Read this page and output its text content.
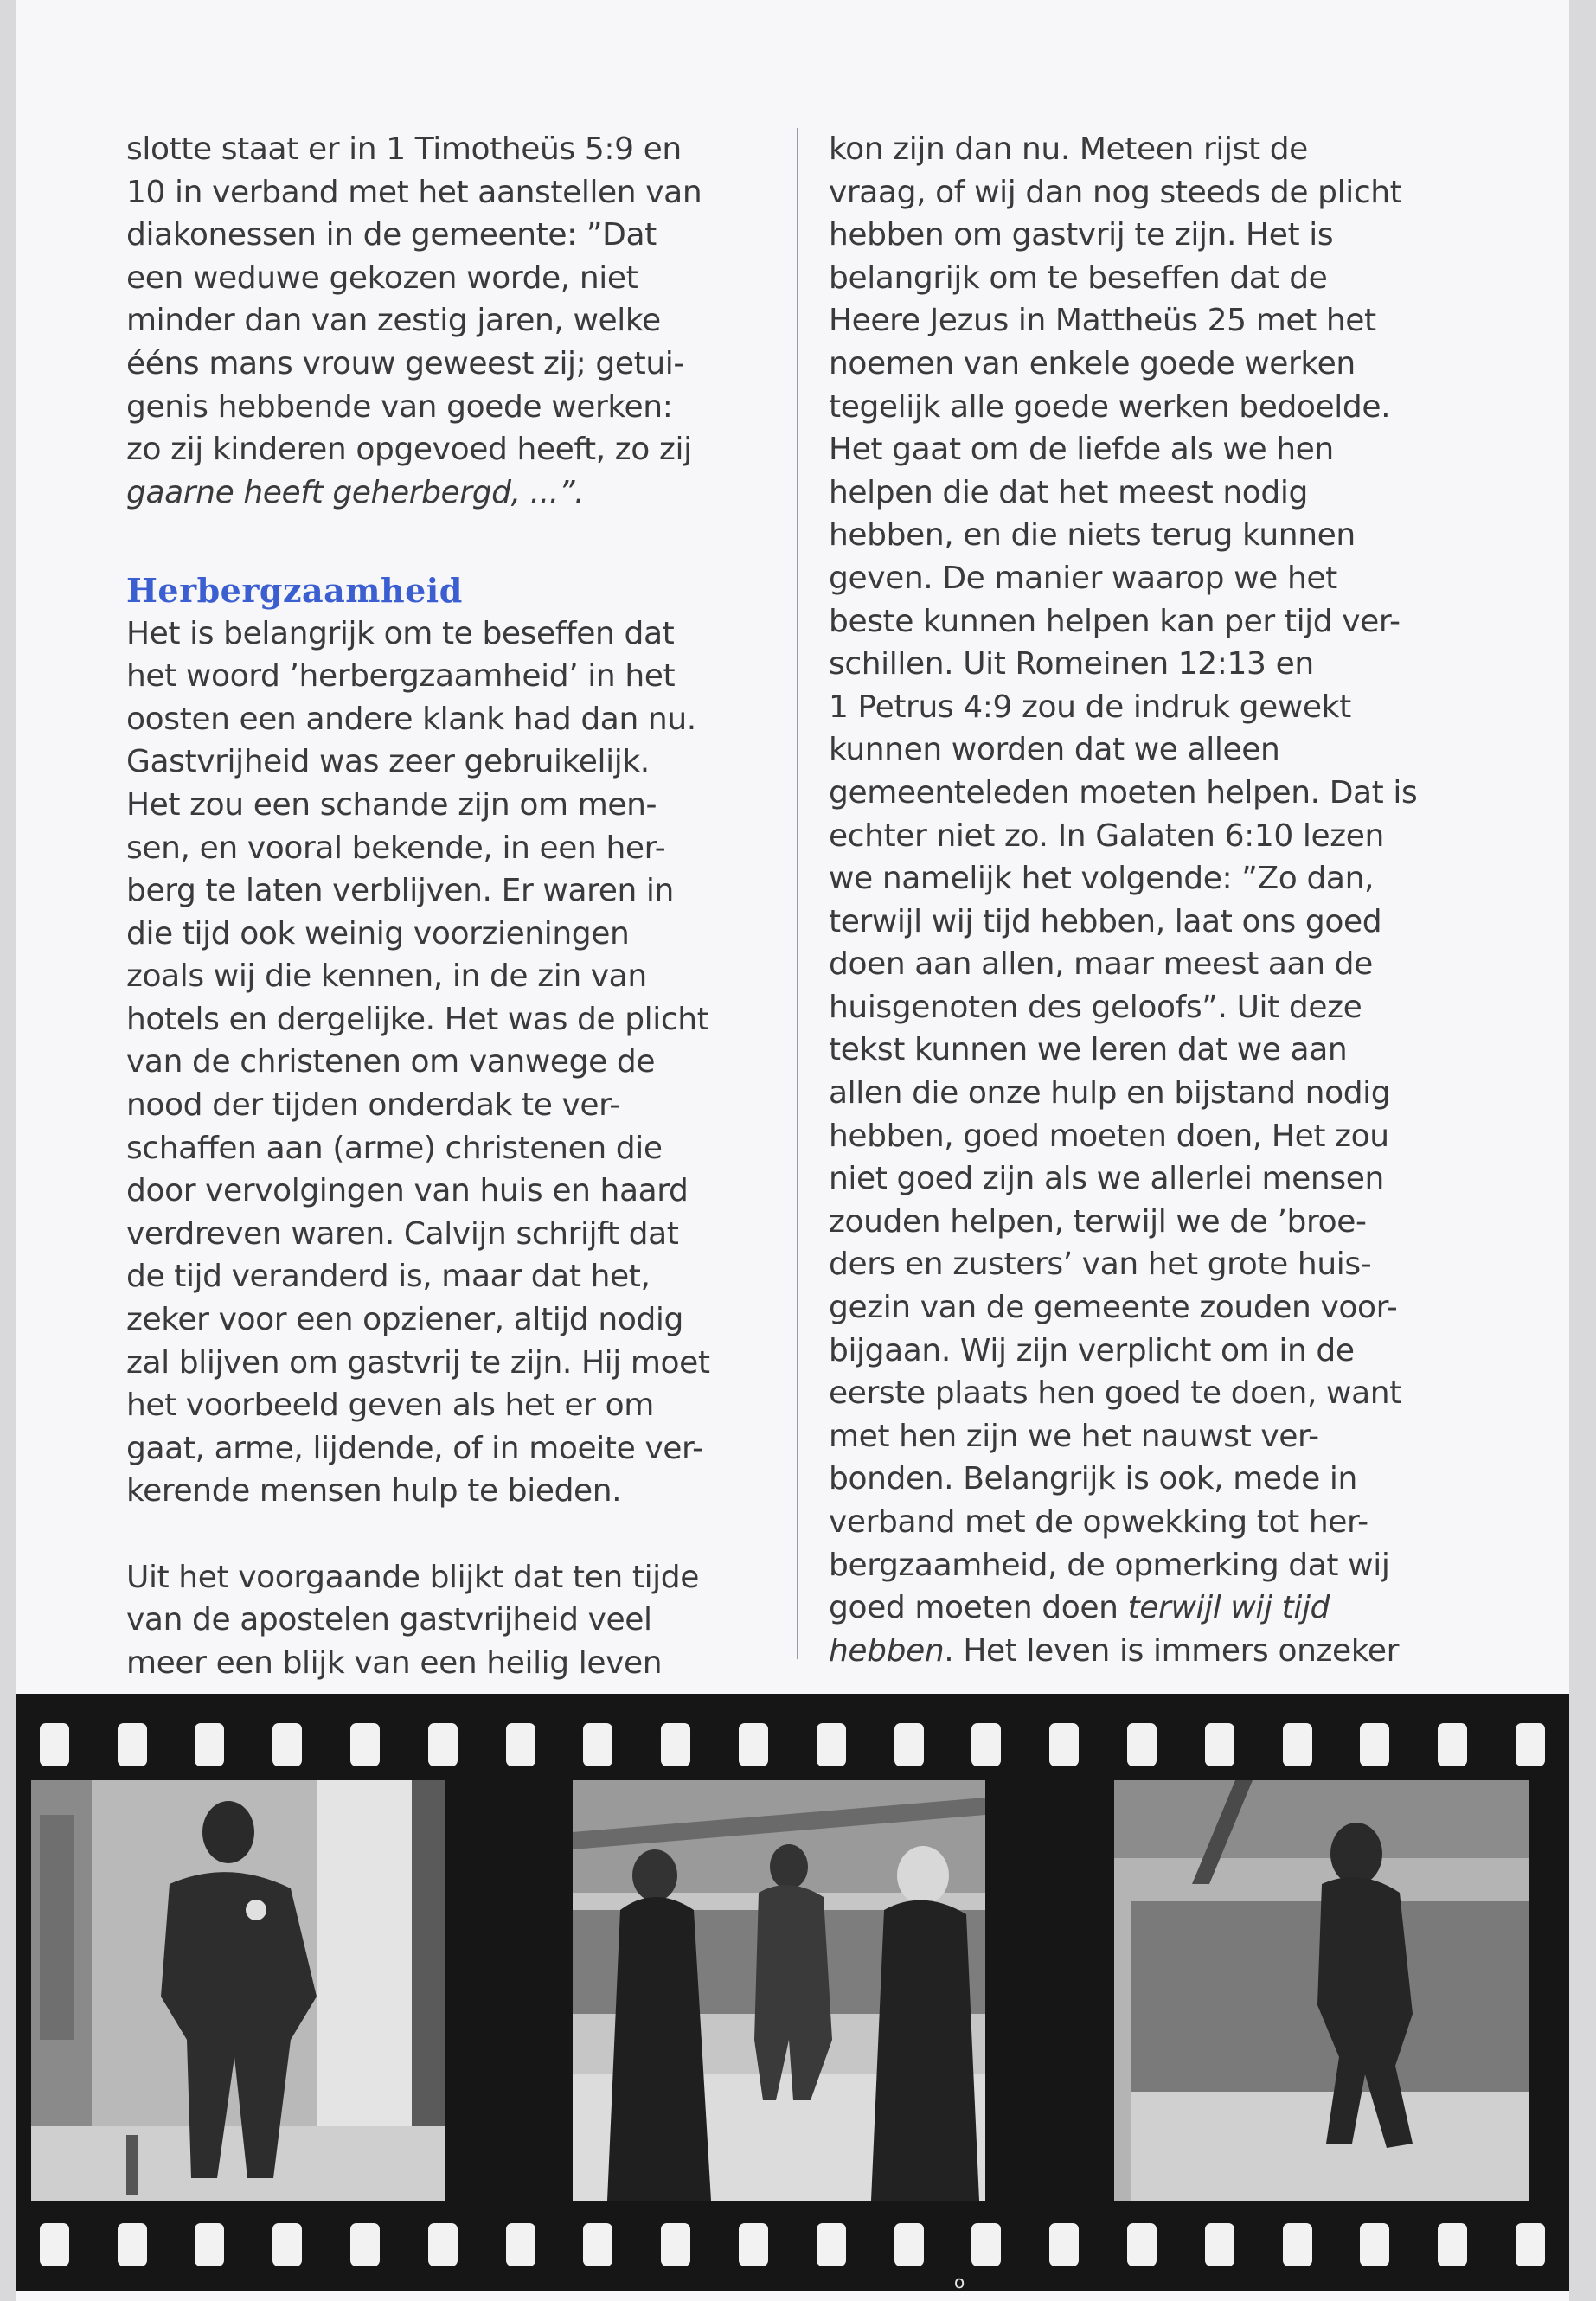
slotte staat er in 1 Timotheüs 5:9 en

10 in verband met het aanstellen van

diakonessen in de gemeente: ”Dat

een weduwe gekozen worde, niet

minder dan van zestig jaren, welke

ééns mans vrouw geweest zij; getui-

genis hebbende van goede werken:

zo zij kinderen opgevoed heeft, zo zij

gaarne heeft geherbergd, ...”.

Herbergzaamheid

Het is belangrijk om te beseffen dat

het woord ’herbergzaamheid’ in het

oosten een andere klank had dan nu.

Gastvrijheid was zeer gebruikelijk.

Het zou een schande zijn om men-

sen, en vooral bekende, in een her-

berg te laten verblijven. Er waren in

die tijd ook weinig voorzieningen

zoals wij die kennen, in de zin van

hotels en dergelijke. Het was de plicht

van de christenen om vanwege de

nood der tijden onderdak te ver-

schaffen aan (arme) christenen die

door vervolgingen van huis en haard

verdreven waren. Calvijn schrijft dat

de tijd veranderd is, maar dat het,

zeker voor een opziener, altijd nodig

zal blijven om gastvrij te zijn. Hij moet

het voorbeeld geven als het er om

gaat, arme, lijdende, of in moeite ver-

kerende mensen hulp te bieden.

Uit het voorgaande blijkt dat ten tijde

van de apostelen gastvrijheid veel

meer een blijk van een heilig leven

kon zijn dan nu. Meteen rijst de

vraag, of wij dan nog steeds de plicht

hebben om gastvrij te zijn. Het is

belangrijk om te beseffen dat de

Heere Jezus in Mattheüs 25 met het

noemen van enkele goede werken

tegelijk alle goede werken bedoelde.

Het gaat om de liefde als we hen

helpen die dat het meest nodig

hebben, en die niets terug kunnen

geven. De manier waarop we het

beste kunnen helpen kan per tijd ver-

schillen. Uit Romeinen 12:13 en

1 Petrus 4:9 zou de indruk gewekt

kunnen worden dat we alleen

gemeenteleden moeten helpen. Dat is

echter niet zo. In Galaten 6:10 lezen

we namelijk het volgende: ”Zo dan,

terwijl wij tijd hebben, laat ons goed

doen aan allen, maar meest aan de

huisgenoten des geloofs”. Uit deze

tekst kunnen we leren dat we aan

allen die onze hulp en bijstand nodig

hebben, goed moeten doen, Het zou

niet goed zijn als we allerlei mensen

zouden helpen, terwijl we de ’broe-

ders en zusters’ van het grote huis-

gezin van de gemeente zouden voor-

bijgaan. Wij zijn verplicht om in de

eerste plaats hen goed te doen, want

met hen zijn we het nauwst ver-

bonden. Belangrijk is ook, mede in

verband met de opwekking tot her-

bergzaamheid, de opmerking dat wij

goed moeten doen terwijl wij tijd

hebben. Het leven is immers onzeker

o
